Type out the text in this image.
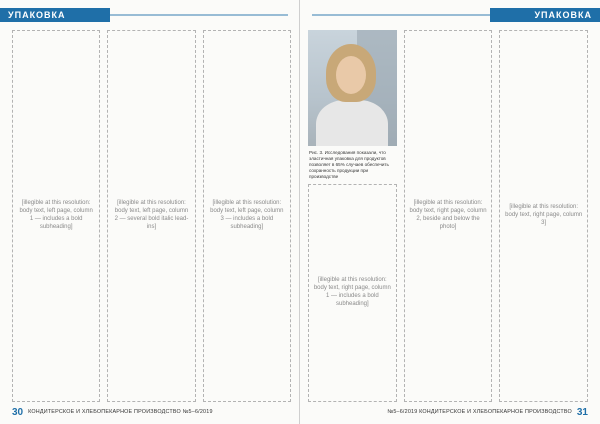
УПАКОВКА
[illegible at this resolution: body text, left page, column 1 — includes a bold subheading]
[illegible at this resolution: body text, left page, column 2 — several bold italic lead-ins]
[illegible at this resolution: body text, left page, column 3 — includes a bold subheading]
30 КОНДИТЕРСКОЕ И ХЛЕБОПЕКАРНОЕ ПРОИЗВОДСТВО №5–6/2019
УПАКОВКА
Рис. 3. Исследования показали, что эластичная упаковка для продуктов позволяет в 65% случаев обеспечить сохранность продукции при производстве
[illegible at this resolution: body text, right page, column 1 — includes a bold subheading]
[illegible at this resolution: body text, right page, column 2, beside and below the photo]
[illegible at this resolution: body text, right page, column 3]
31
№5–6/2019 КОНДИТЕРСКОЕ И ХЛЕБОПЕКАРНОЕ ПРОИЗВОДСТВО
